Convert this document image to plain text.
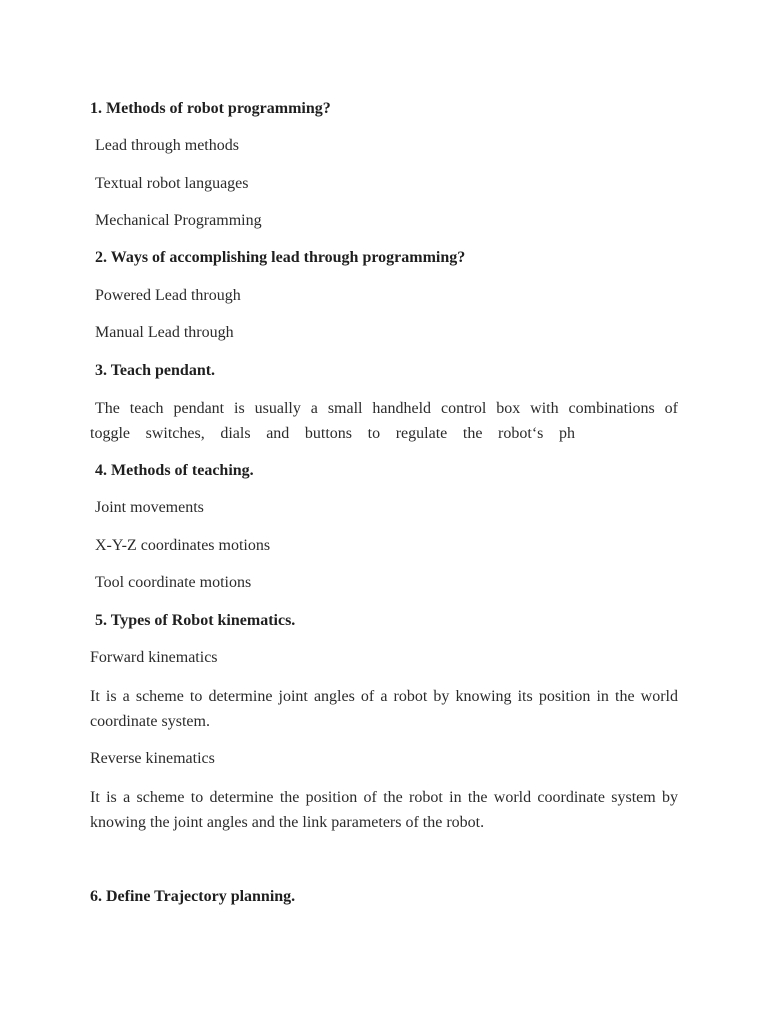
1. Methods of robot programming?
Lead through methods
Textual robot languages
Mechanical Programming
2. Ways of accomplishing lead through programming?
Powered Lead through
Manual Lead through
3. Teach pendant.
The teach pendant is usually a small handheld control box with combinations of
toggle switches, dials and buttons to regulate the robot‘s ph
4. Methods of teaching.
Joint movements
X-Y-Z coordinates motions
Tool coordinate motions
5. Types of Robot kinematics.
Forward kinematics
It is a scheme to determine joint angles of a robot by knowing its position in the world coordinate system.
Reverse kinematics
It is a scheme to determine the position of the robot in the world coordinate system by knowing the joint angles and the link parameters of the robot.
6. Define Trajectory planning.
